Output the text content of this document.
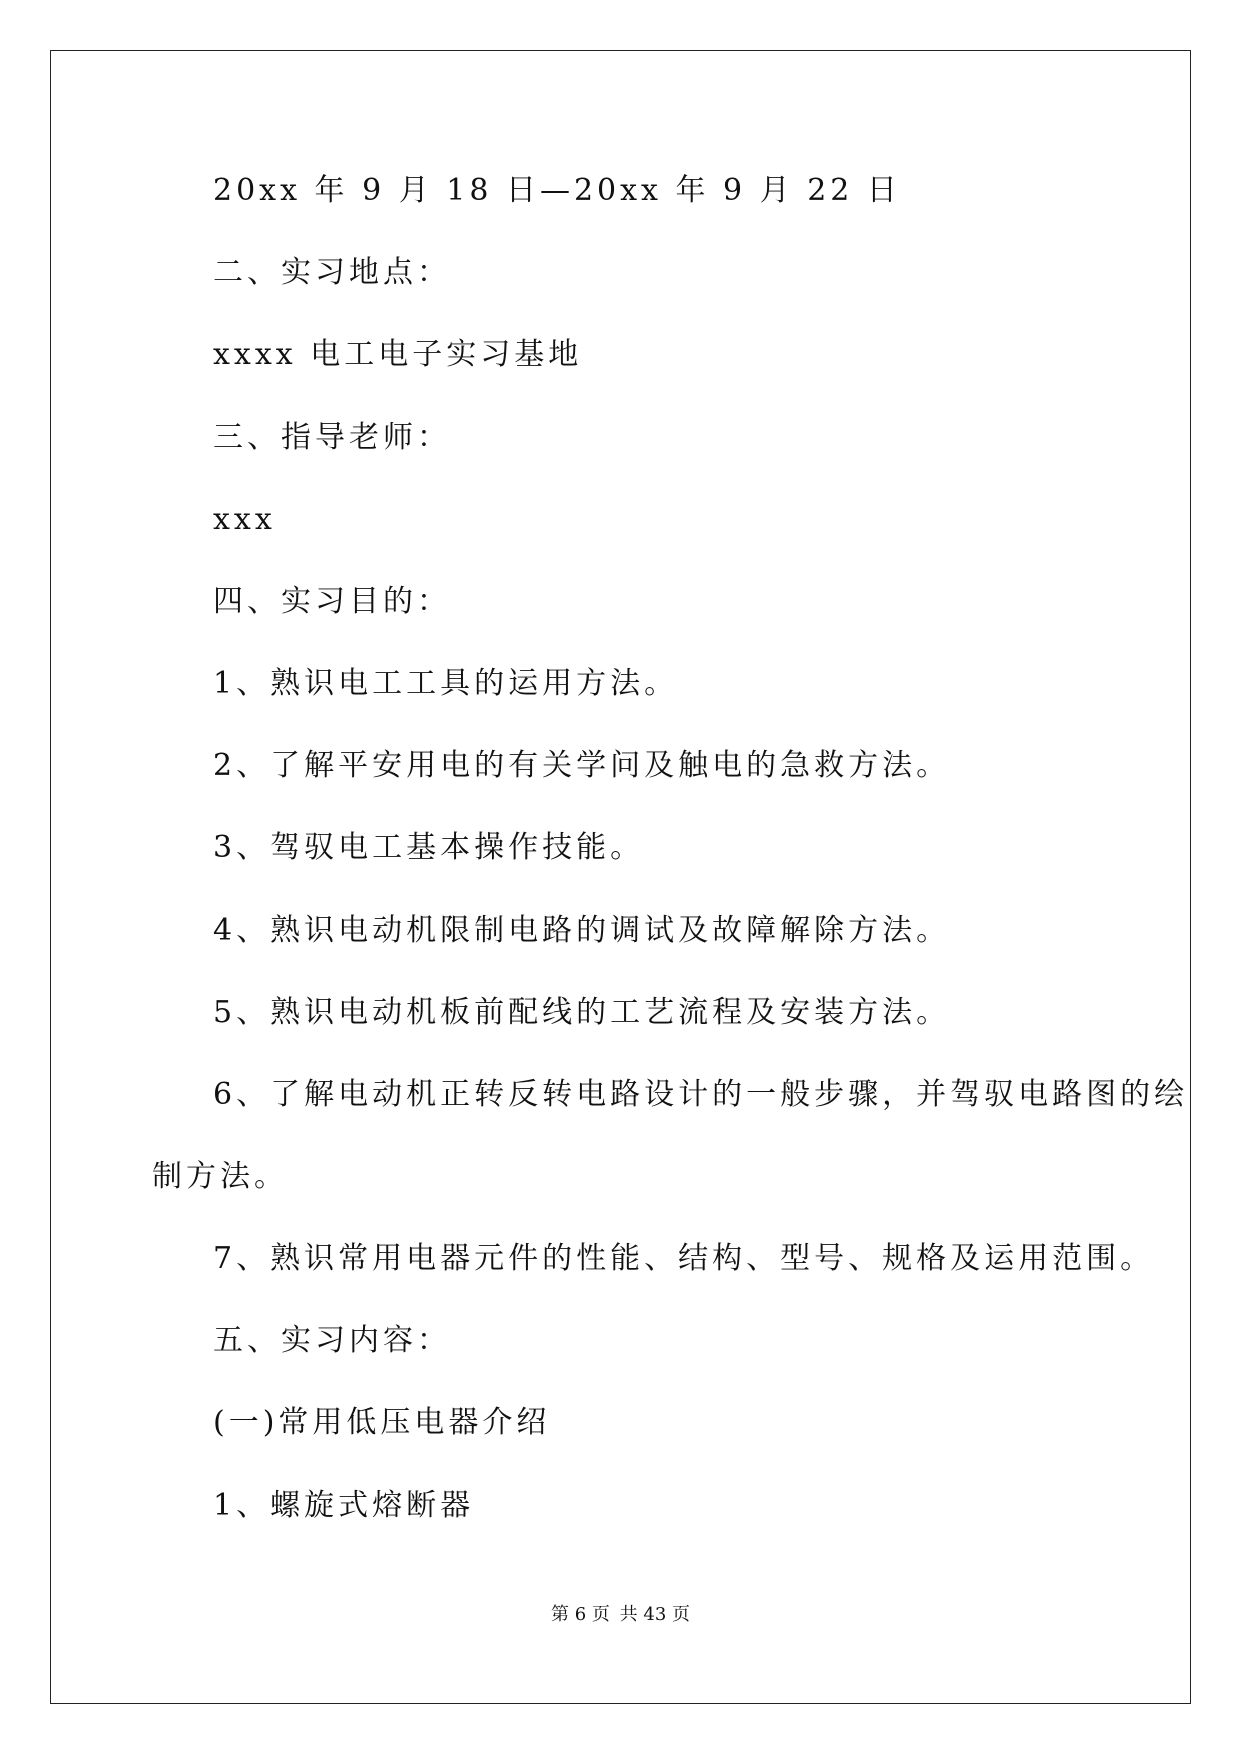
20xx 年 9 月 18 日—20xx 年 9 月 22 日

二、实习地点：

xxxx 电工电子实习基地

三、指导老师：

xxx

四、实习目的：

1、熟识电工工具的运用方法。

2、了解平安用电的有关学问及触电的急救方法。

3、驾驭电工基本操作技能。

4、熟识电动机限制电路的调试及故障解除方法。

5、熟识电动机板前配线的工艺流程及安装方法。

6、了解电动机正转反转电路设计的一般步骤，并驾驭电路图的绘

制方法。

7、熟识常用电器元件的性能、结构、型号、规格及运用范围。

五、实习内容：

(一)常用低压电器介绍

1、螺旋式熔断器

第 6 页 共 43 页
